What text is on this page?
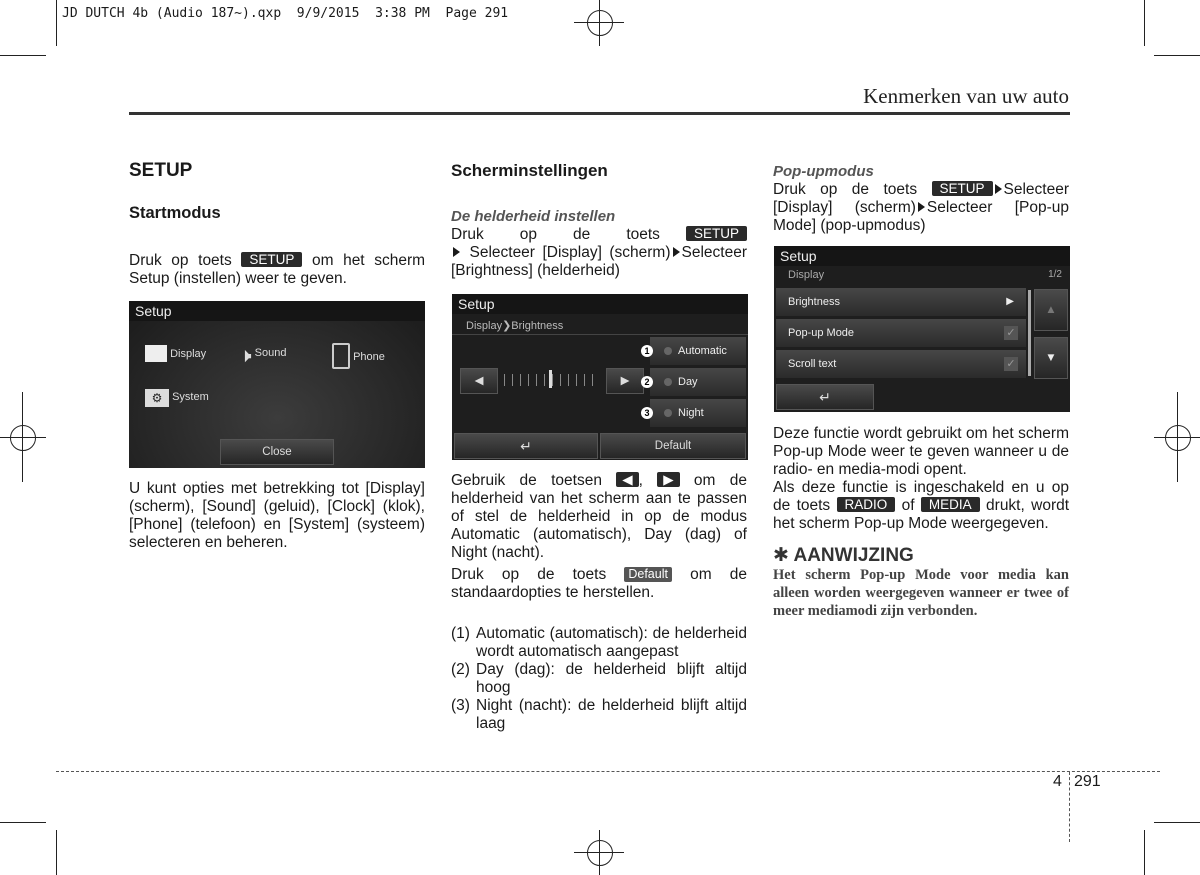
JD DUTCH 4b (Audio 187~).qxp  9/9/2015  3:38 PM  Page 291
Kenmerken van uw auto
SETUP
Startmodus

Druk op toets SETUP om het scherm Setup (instellen) weer te geven.

Setup
Display 🕨 Sound	Phone
⚙ System
Close

U kunt opties met betrekking tot [Display] (scherm), [Sound] (geluid), [Clock] (klok), [Phone] (telefoon) en [System] (systeem) selecteren en beheren.

Scherminstellingen
De helderheid instellen

Druk op de toets	SETUP Selecteer [Display] (scherm) Selecteer [Brightness] (helderheid)

Setup
Display❯Brightness
◀	▶
Automatic
1
Day
2
Night
3
↵	Default

Gebruik de toetsen ◀ , ▶ om de helderheid van het scherm aan te passen of stel de helderheid in op de modus Automatic (automatisch), Day (dag) of Night (nacht).

Druk op de toets Default om de standaardopties te herstellen.

(1) Automatic (automatisch): de helderheid wordt automatisch aangepast
(2) Day (dag): de helderheid blijft altijd hoog
(3) Night (nacht): de helderheid blijft altijd laag
Pop-upmodus

Druk op de toets SETUP Selecteer [Display] (scherm) Selecteer [Pop-up Mode] (pop-upmodus)

Setup
Display	1/2
Brightness	▶
Pop-up Mode	✓
Scroll text	✓
▲
▼
↵

Deze functie wordt gebruikt om het scherm Pop-up Mode weer te geven wanneer u de radio- en media-modi opent.

Als deze functie is ingeschakeld en u op de toets RADIO of MEDIA drukt, wordt het scherm Pop-up Mode weergegeven.

✱ AANWIJZING

Het scherm Pop-up Mode voor media kan alleen worden weergegeven wanneer er twee of meer mediamodi zijn verbonden.

4 291
